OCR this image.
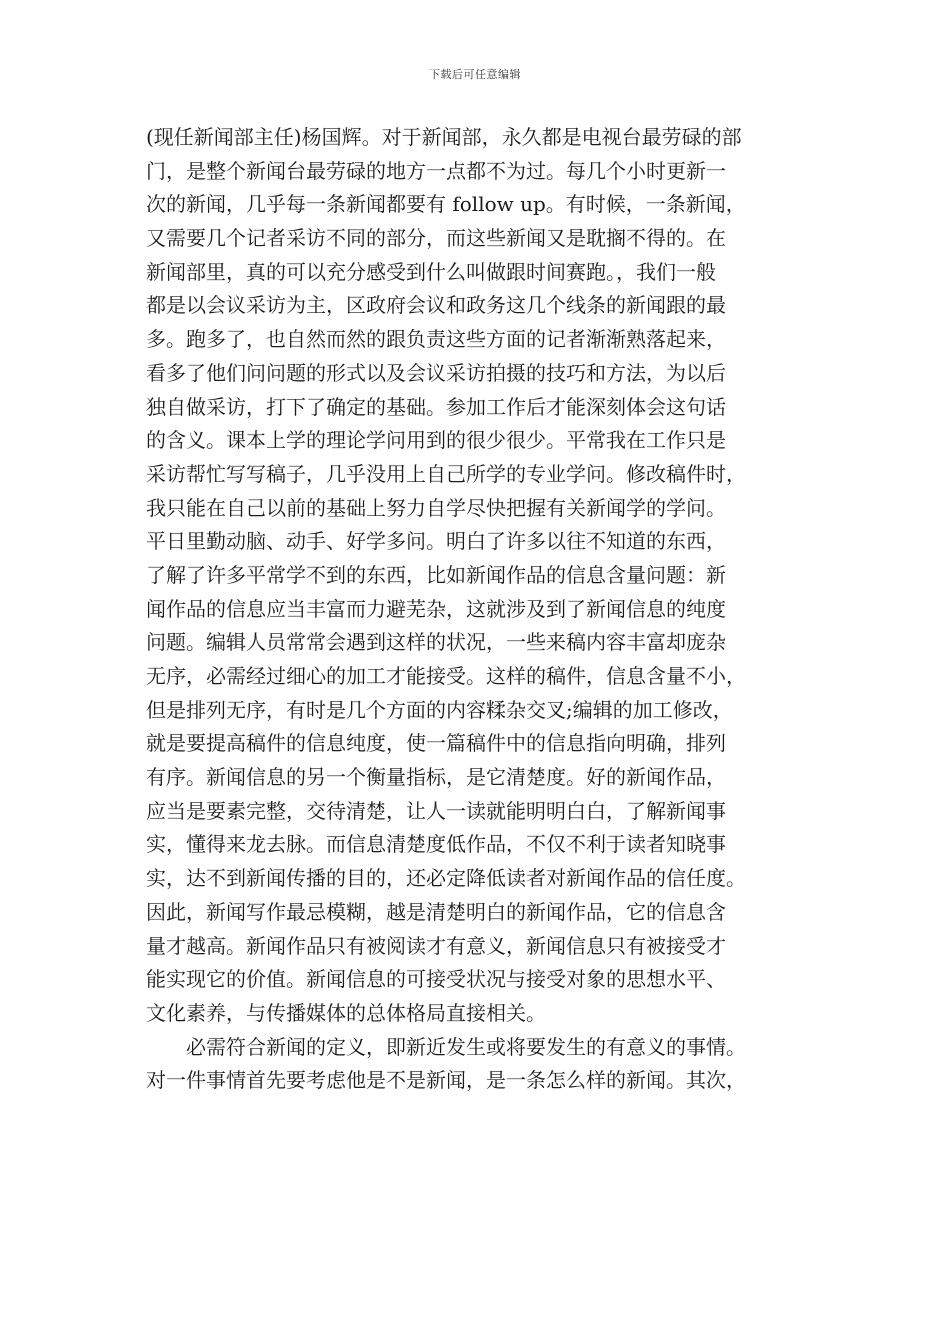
下载后可任意编辑
(现任新闻部主任)杨国辉。对于新闻部，永久都是电视台最劳碌的部
门，是整个新闻台最劳碌的地方一点都不为过。每几个小时更新一
次的新闻，几乎每一条新闻都要有 follow up。有时候，一条新闻，
又需要几个记者采访不同的部分，而这些新闻又是耽搁不得的。在
新闻部里，真的可以充分感受到什么叫做跟时间赛跑。，我们一般
都是以会议采访为主，区政府会议和政务这几个线条的新闻跟的最
多。跑多了，也自然而然的跟负责这些方面的记者渐渐熟落起来，
看多了他们问问题的形式以及会议采访拍摄的技巧和方法，为以后
独自做采访，打下了确定的基础。参加工作后才能深刻体会这句话
的含义。课本上学的理论学问用到的很少很少。平常我在工作只是
采访帮忙写写稿子，几乎没用上自己所学的专业学问。修改稿件时，
我只能在自己以前的基础上努力自学尽快把握有关新闻学的学问。
平日里勤动脑、动手、好学多问。明白了许多以往不知道的东西，
了解了许多平常学不到的东西，比如新闻作品的信息含量问题：新
闻作品的信息应当丰富而力避芜杂，这就涉及到了新闻信息的纯度
问题。编辑人员常常会遇到这样的状况，一些来稿内容丰富却庞杂
无序，必需经过细心的加工才能接受。这样的稿件，信息含量不小，
但是排列无序，有时是几个方面的内容糅杂交叉;编辑的加工修改，
就是要提高稿件的信息纯度，使一篇稿件中的信息指向明确，排列
有序。新闻信息的另一个衡量指标，是它清楚度。好的新闻作品，
应当是要素完整，交待清楚，让人一读就能明明白白，了解新闻事
实，懂得来龙去脉。而信息清楚度低作品，不仅不利于读者知晓事
实，达不到新闻传播的目的，还必定降低读者对新闻作品的信任度。
因此，新闻写作最忌模糊，越是清楚明白的新闻作品，它的信息含
量才越高。新闻作品只有被阅读才有意义，新闻信息只有被接受才
能实现它的价值。新闻信息的可接受状况与接受对象的思想水平、
文化素养，与传播媒体的总体格局直接相关。
必需符合新闻的定义，即新近发生或将要发生的有意义的事情。
对一件事情首先要考虑他是不是新闻，是一条怎么样的新闻。其次，
